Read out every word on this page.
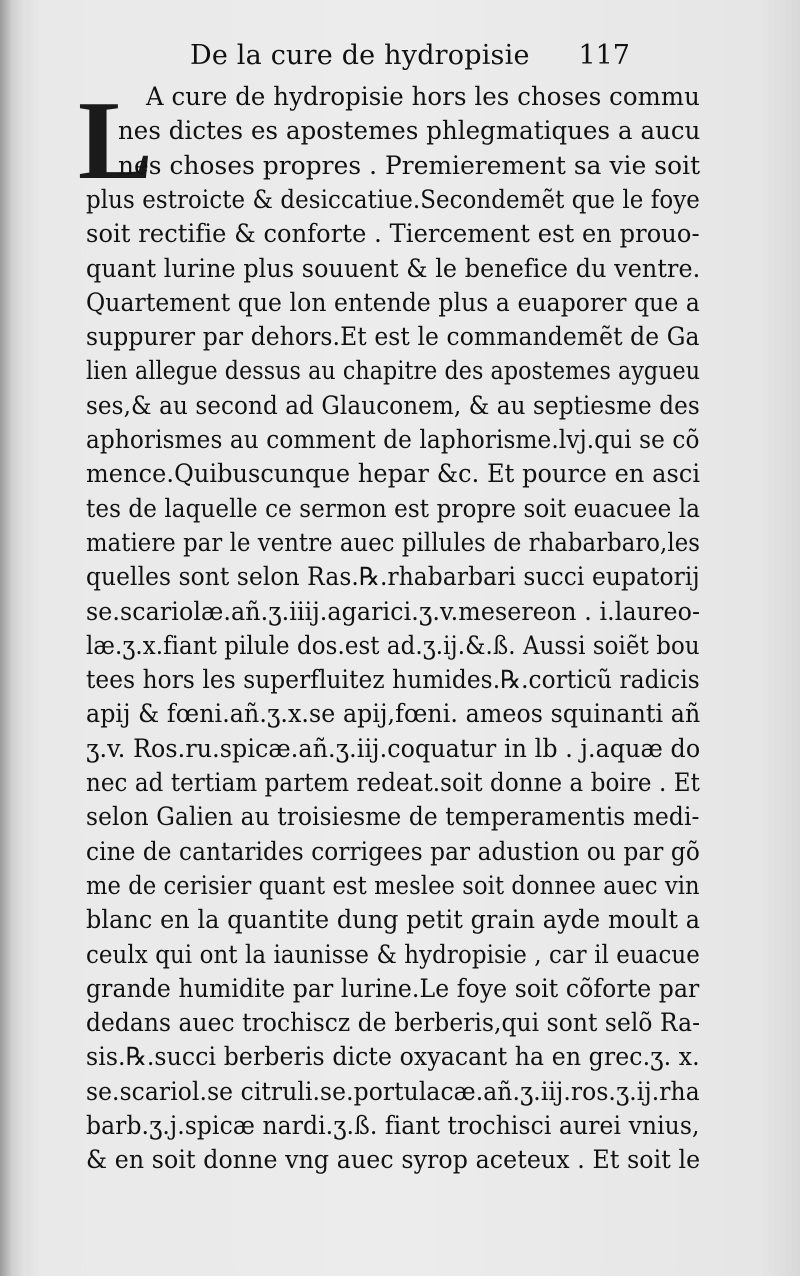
De la cure de hydropisie 117
L
A cure de hydropisie hors les choses commu
nes dictes es apostemes phlegmatiques a aucu
nes choses propres . Premierement sa vie soit
plus estroicte & desiccatiue.Secondemẽt que le foye
soit rectifie & conforte . Tiercement est en prouo-
quant lurine plus souuent & le benefice du ventre.
Quartement que lon entende plus a euaporer que a
suppurer par dehors.Et est le commandemẽt de Ga
lien allegue dessus au chapitre des apostemes aygueu
ses,& au second ad Glauconem, & au septiesme des
aphorismes au comment de laphorisme.lvj.qui se cõ
mence.Quibuscunque hepar &c. Et pource en asci
tes de laquelle ce sermon est propre soit euacuee la
matiere par le ventre auec pillules de rhabarbaro,les
quelles sont selon Ras.℞.rhabarbari succi eupatorij
se.scariolæ.añ.ʒ.iiij.agarici.ʒ.v.mesereon . i.laureo-
læ.ʒ.x.fiant pilule dos.est ad.ʒ.ij.&.ß. Aussi soiẽt bou
tees hors les superfluitez humides.℞.corticũ radicis
apij & fœni.añ.ʒ.x.se apij,fœni. ameos squinanti añ
ʒ.v. Ros.ru.spicæ.añ.ʒ.iij.coquatur in lb . j.aquæ do
nec ad tertiam partem redeat.soit donne a boire . Et
selon Galien au troisiesme de temperamentis medi-
cine de cantarides corrigees par adustion ou par gõ
me de cerisier quant est meslee soit donnee auec vin
blanc en la quantite dung petit grain ayde moult a
ceulx qui ont la iaunisse & hydropisie , car il euacue
grande humidite par lurine.Le foye soit cõforte par
dedans auec trochiscz de berberis,qui sont selõ Ra-
sis.℞.succi berberis dicte oxyacant ha en grec.ʒ. x.
se.scariol.se citruli.se.portulacæ.añ.ʒ.iij.ros.ʒ.ij.rha
barb.ʒ.j.spicæ nardi.ʒ.ß. fiant trochisci aurei vnius,
& en soit donne vng auec syrop aceteux . Et soit le
